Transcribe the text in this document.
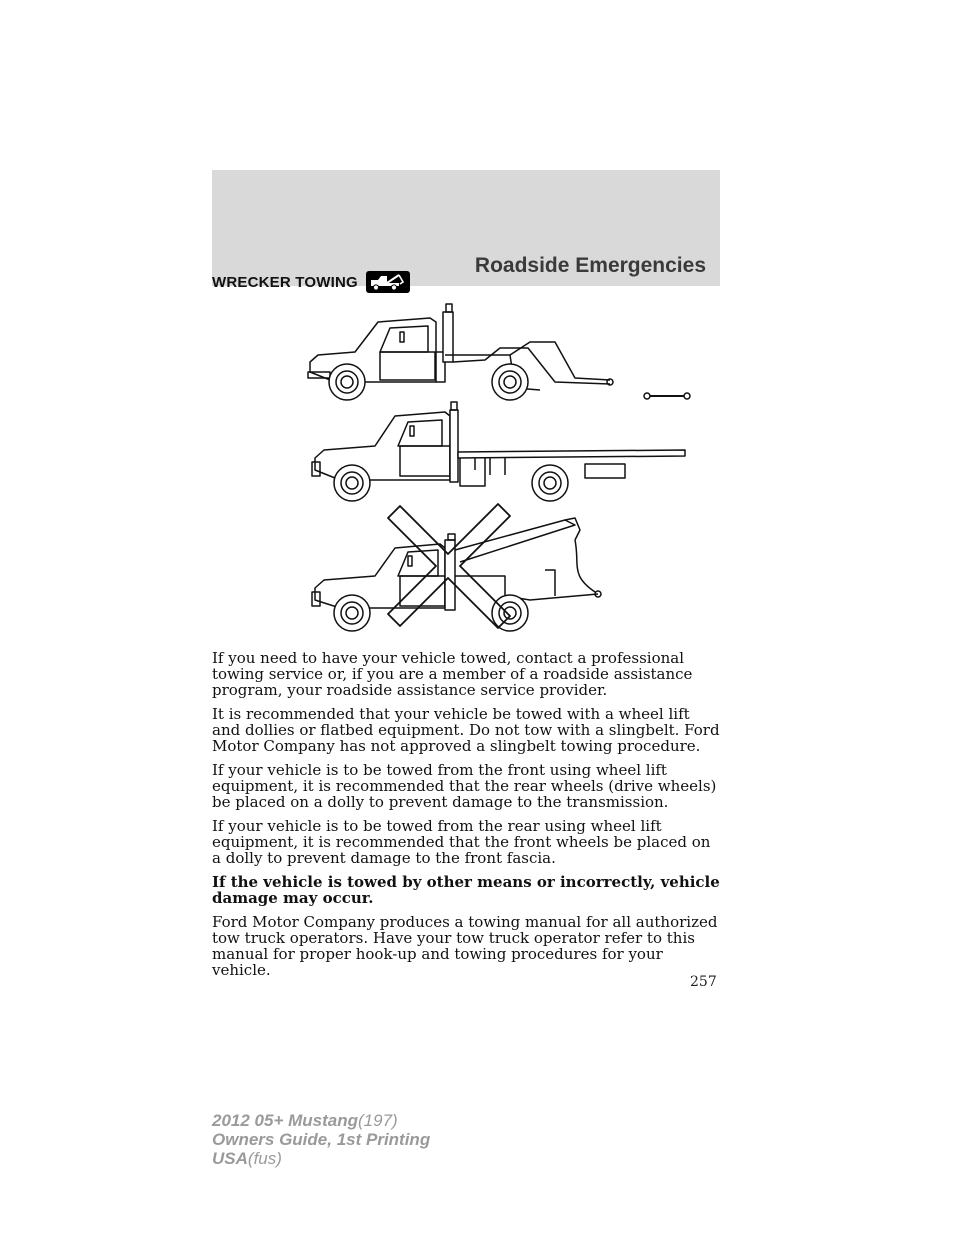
Roadside Emergencies
WRECKER TOWING

If you need to have your vehicle towed, contact a professional towing service or, if you are a member of a roadside assistance program, your roadside assistance service provider.

It is recommended that your vehicle be towed with a wheel lift and dollies or flatbed equipment. Do not tow with a slingbelt. Ford Motor Company has not approved a slingbelt towing procedure.

If your vehicle is to be towed from the front using wheel lift equipment, it is recommended that the rear wheels (drive wheels) be placed on a dolly to prevent damage to the transmission.

If your vehicle is to be towed from the rear using wheel lift equipment, it is recommended that the front wheels be placed on a dolly to prevent damage to the front fascia.

If the vehicle is towed by other means or incorrectly, vehicle damage may occur.

Ford Motor Company produces a towing manual for all authorized tow truck operators. Have your tow truck operator refer to this manual for proper hook-up and towing procedures for your vehicle.

257
2012 05+ Mustang(197)
Owners Guide, 1st Printing
USA(fus)
